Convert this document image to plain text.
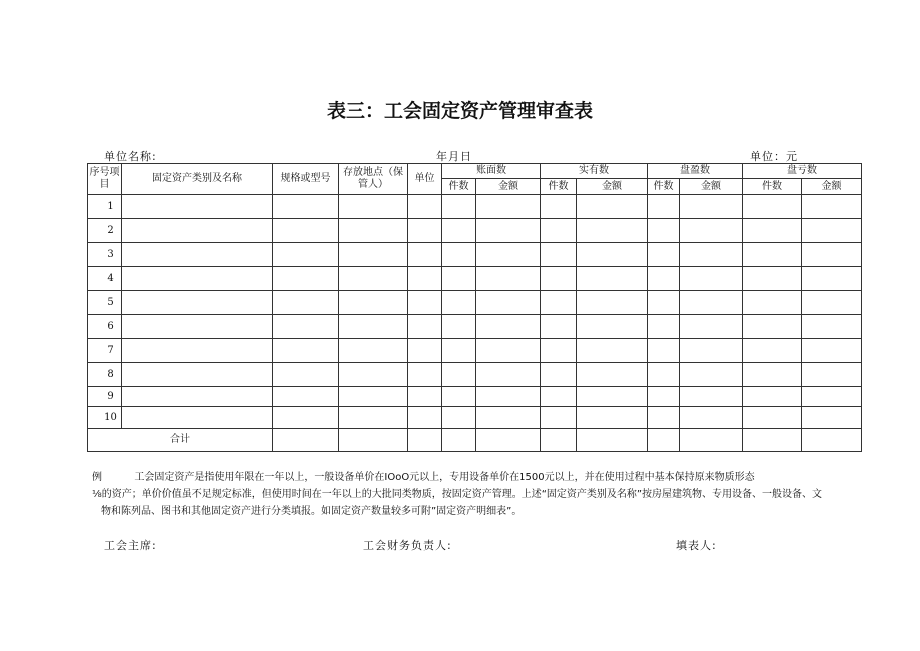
表三：工会固定资产管理审查表
单位名称:	年月日	单位：元
序号项目	固定资产类别及名称	规格或型号	存放地点（保管人）	单位	账面数		实有数		盘盈数		盘亏数	
					件数	金额	件数	金额	件数	金额	件数	金额
1												
2												
3												
4												
5												
6												
7												
8												
9												
10												
合计												
例	工会固定资产是指使用年限在一年以上，一般设备单价在IOoO元以上，专用设备单价在1500元以上，并在使用过程中基本保持原来物质形态
⅛的资产；单价价值虽不足规定标准，但使用时间在一年以上的大批同类物质，按固定资产管理。上述“固定资产类别及名称”按房屋建筑物、专用设备、一般设备、文
物和陈列品、图书和其他固定资产进行分类填报。如固定资产数量较多可附”固定资产明细表”。
工会主席:	工会财务负责人:	填表人:
